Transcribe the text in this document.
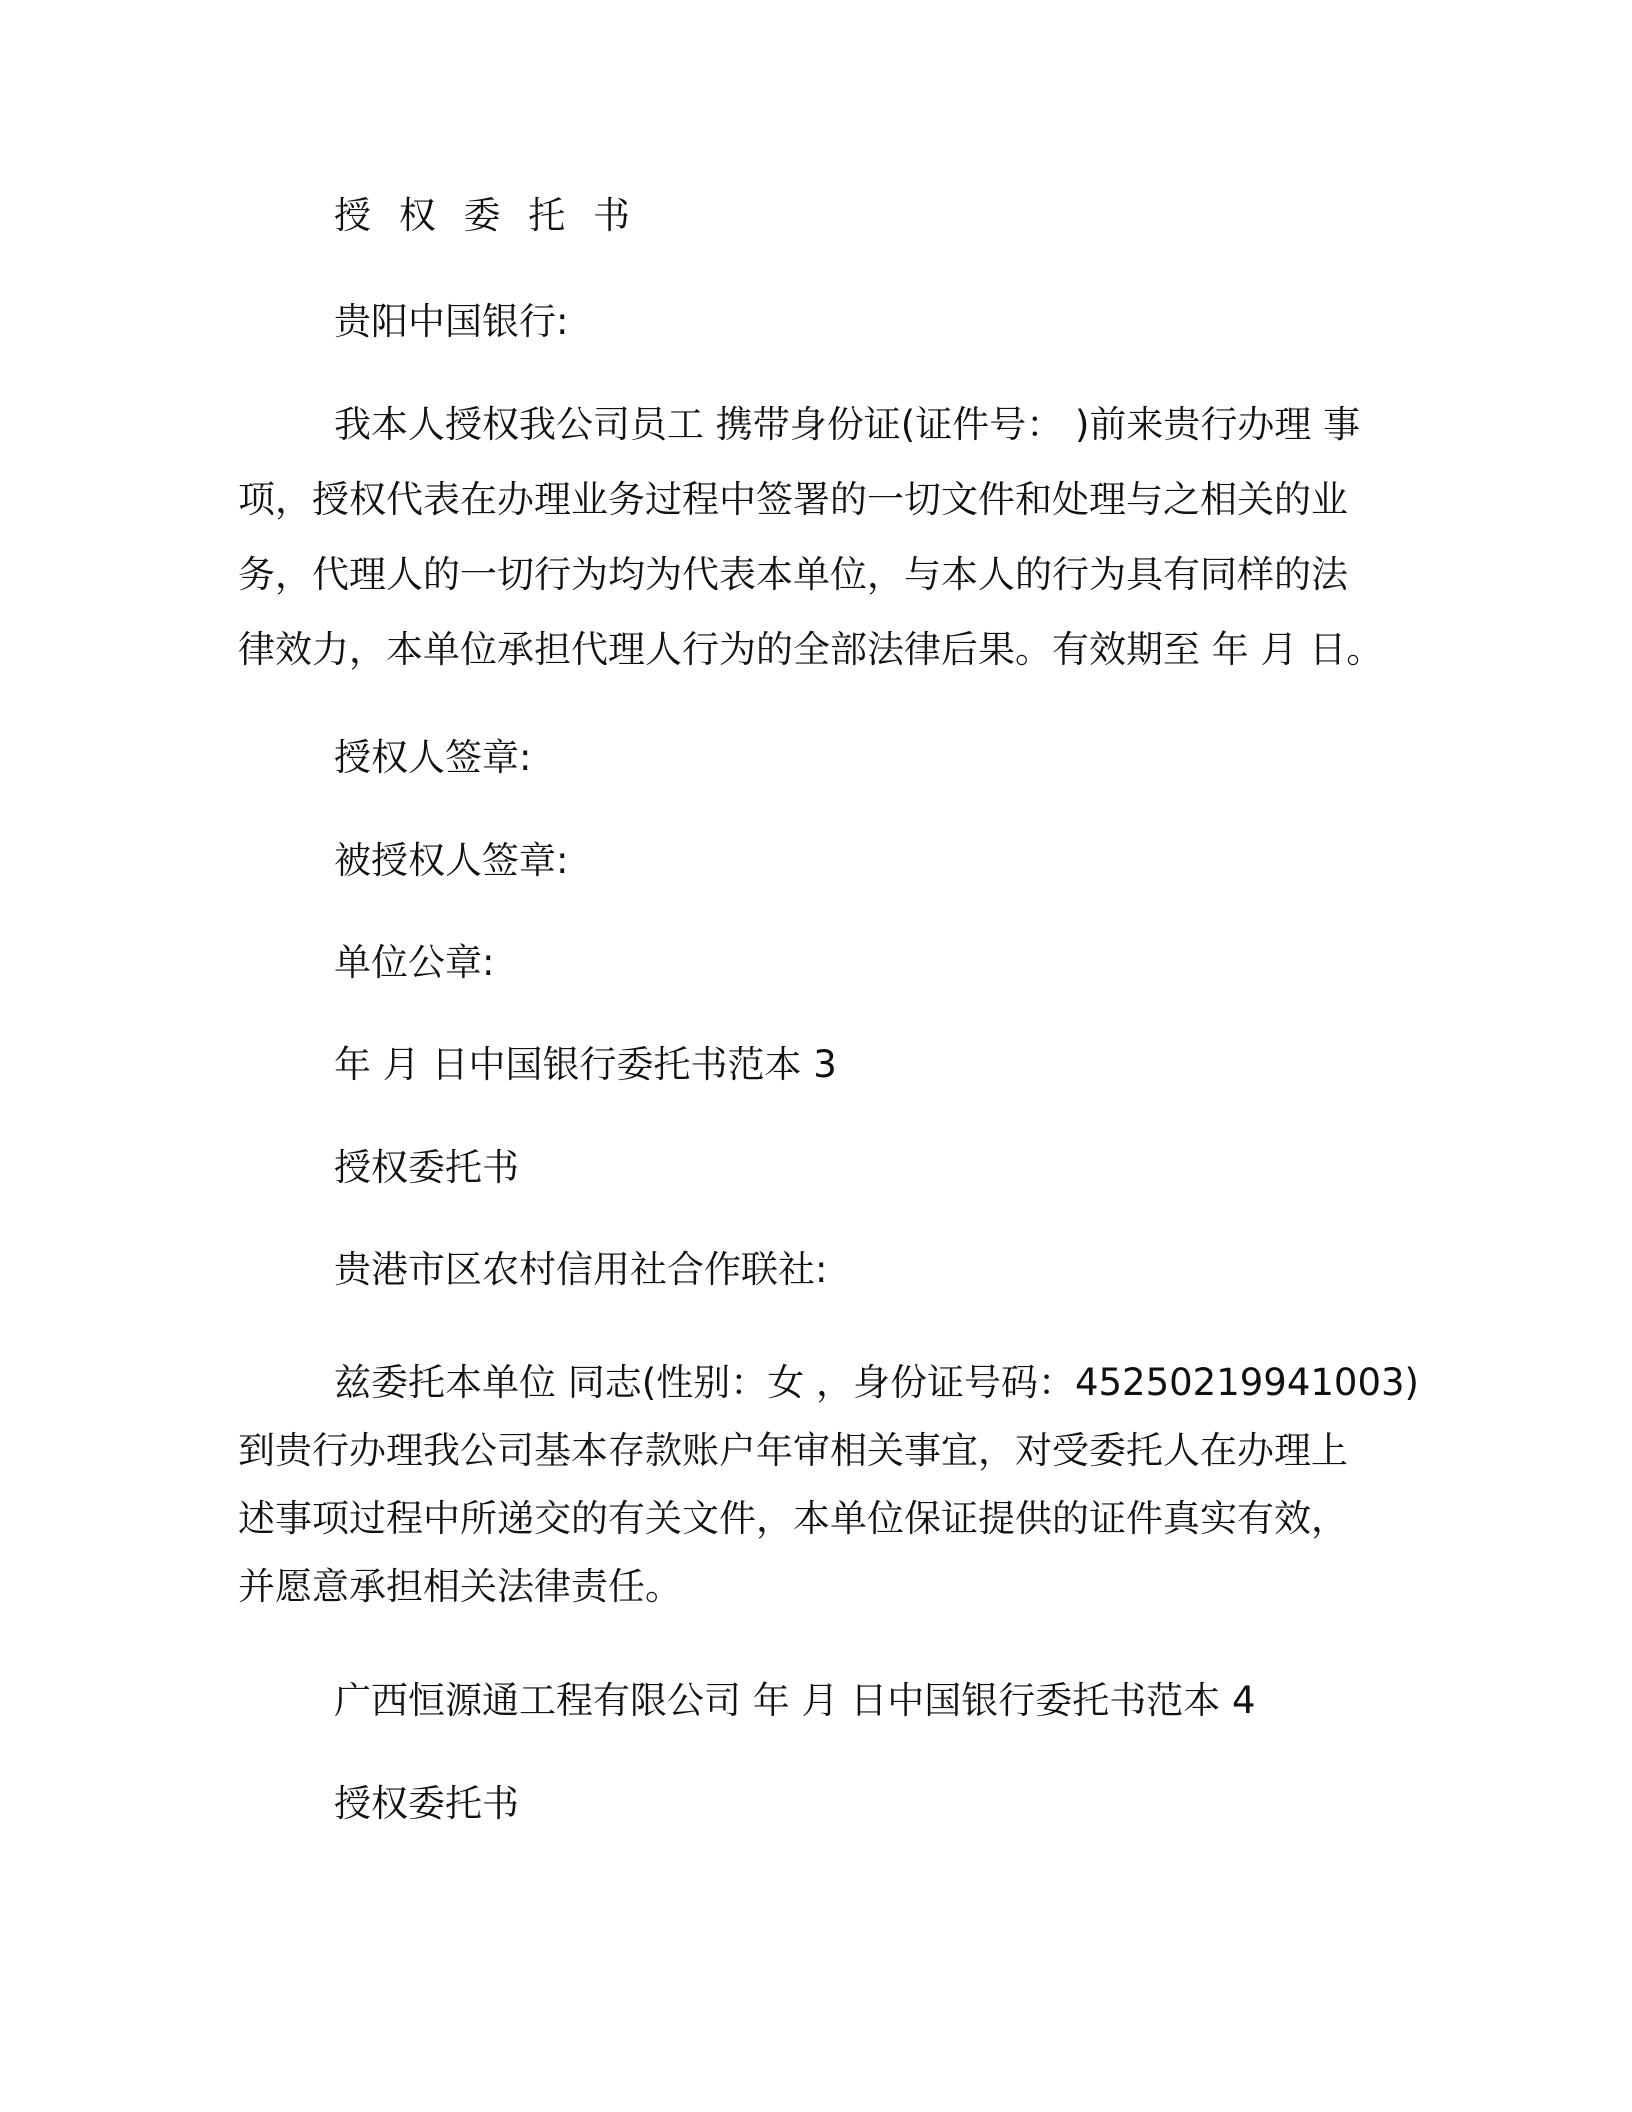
授 权 委 托 书
贵阳中国银行:
我本人授权我公司员工 携带身份证(证件号： )前来贵行办理 事
项，授权代表在办理业务过程中签署的一切文件和处理与之相关的业
务，代理人的一切行为均为代表本单位，与本人的行为具有同样的法
律效力，本单位承担代理人行为的全部法律后果。有效期至 年 月 日。
授权人签章:
被授权人签章:
单位公章:
年 月 日中国银行委托书范本 3
授权委托书
贵港市区农村信用社合作联社:
兹委托本单位 同志(性别：女 ，身份证号码：45250219941003)
到贵行办理我公司基本存款账户年审相关事宜，对受委托人在办理上
述事项过程中所递交的有关文件，本单位保证提供的证件真实有效，
并愿意承担相关法律责任。
广西恒源通工程有限公司 年 月 日中国银行委托书范本 4
授权委托书
